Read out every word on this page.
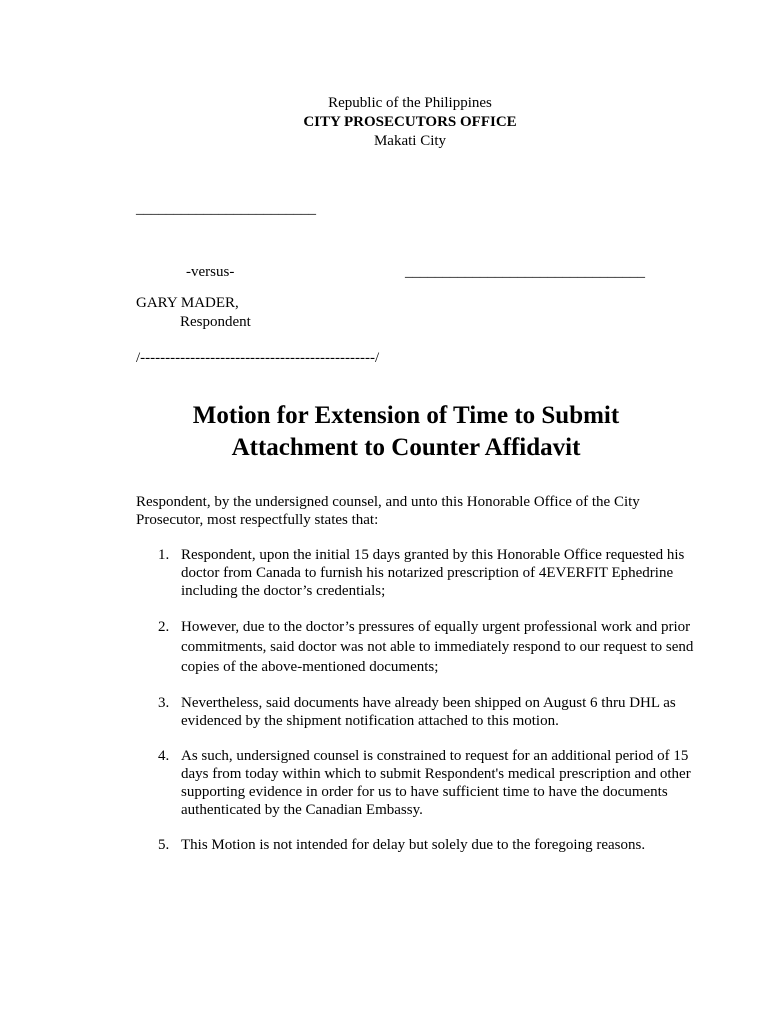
Republic of the Philippines
CITY PROSECUTORS OFFICE
Makati City
________________________
-versus-	________________________________
GARY MADER,
Respondent
/-----------------------------------------------/
Motion for Extension of Time to Submit
Attachment to Counter Affidavit
Respondent, by the undersigned counsel, and unto this Honorable Office of the City Prosecutor, most respectfully states that:
1. Respondent, upon the initial 15 days granted by this Honorable Office requested his doctor from Canada to furnish his notarized prescription of 4EVERFIT Ephedrine including the doctor’s credentials;
2. However, due to the doctor’s pressures of equally urgent professional work and prior commitments, said doctor was not able to immediately respond to our request to send copies of the above-mentioned documents;
3. Nevertheless, said documents have already been shipped on August 6 thru DHL as evidenced by the shipment notification attached to this motion.
4. As such, undersigned counsel is constrained to request for an additional period of 15 days from today within which to submit Respondent's medical prescription and other supporting evidence in order for us to have sufficient time to have the documents authenticated by the Canadian Embassy.
5. This Motion is not intended for delay but solely due to the foregoing reasons.
